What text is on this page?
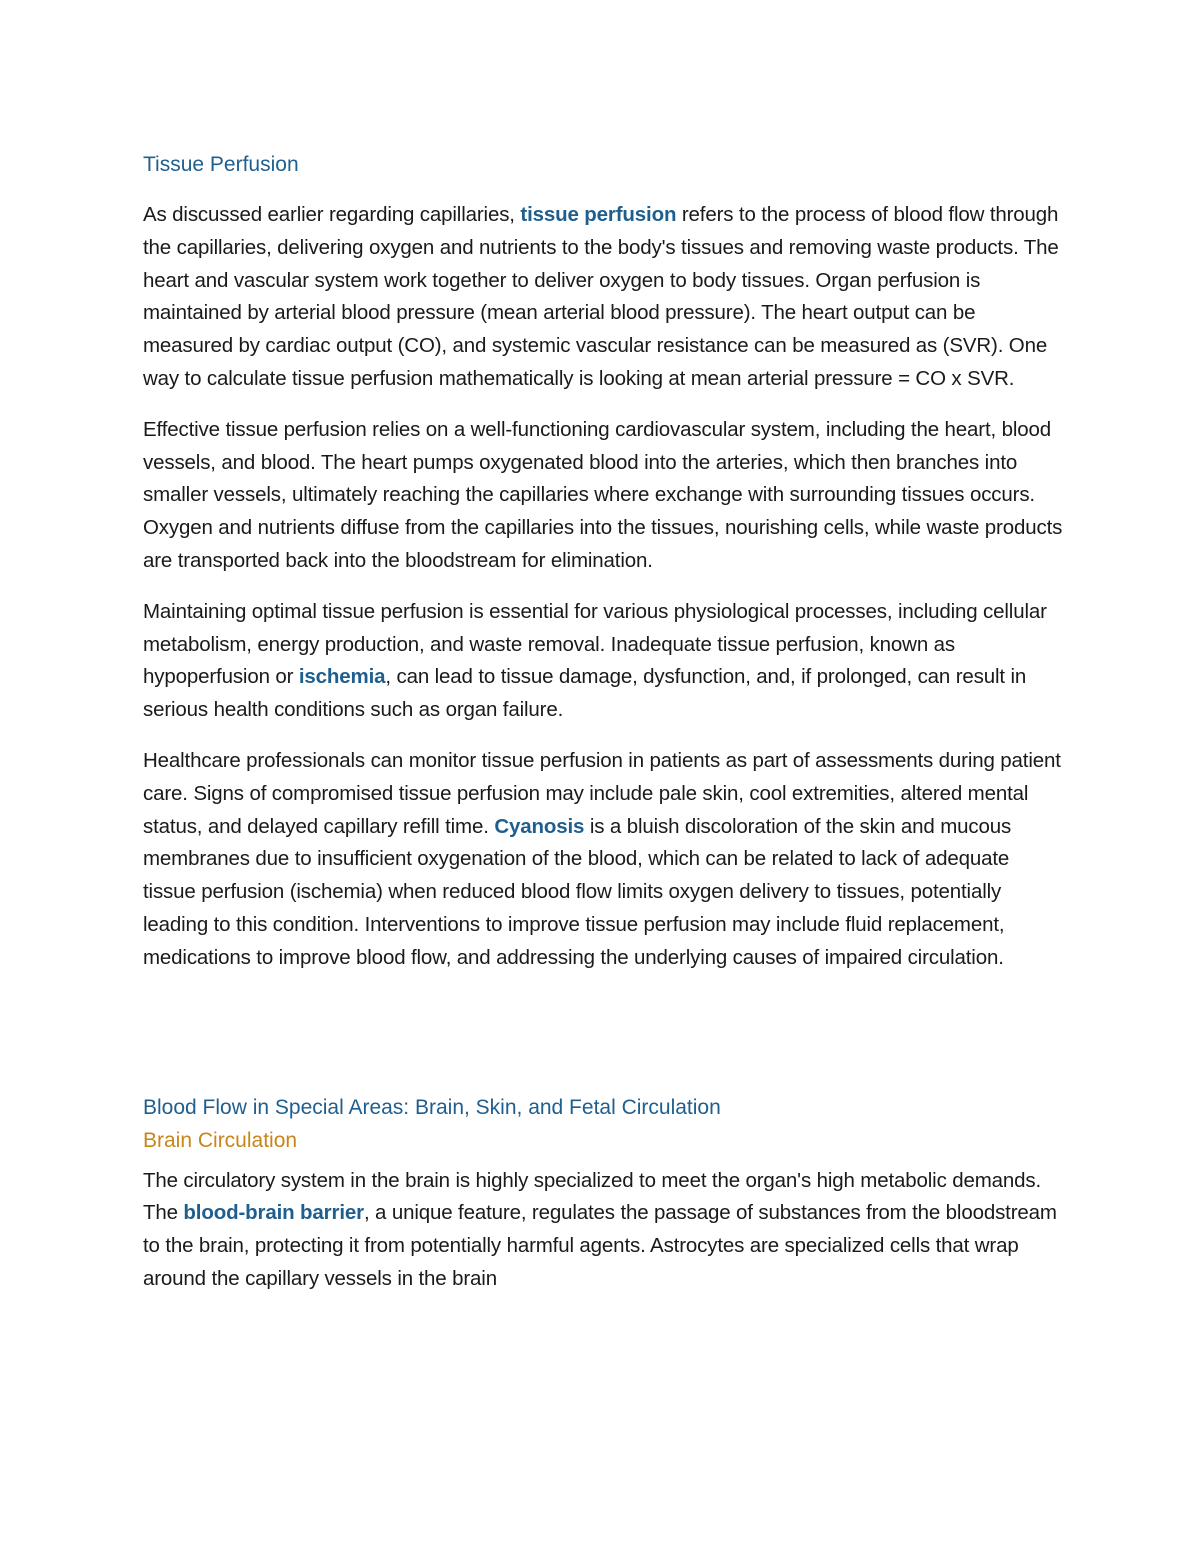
Tissue Perfusion

As discussed earlier regarding capillaries, tissue perfusion refers to the process of blood flow through the capillaries, delivering oxygen and nutrients to the body's tissues and removing waste products. The heart and vascular system work together to deliver oxygen to body tissues. Organ perfusion is maintained by arterial blood pressure (mean arterial blood pressure). The heart output can be measured by cardiac output (CO), and systemic vascular resistance can be measured as (SVR). One way to calculate tissue perfusion mathematically is looking at mean arterial pressure = CO x SVR.

Effective tissue perfusion relies on a well-functioning cardiovascular system, including the heart, blood vessels, and blood. The heart pumps oxygenated blood into the arteries, which then branches into smaller vessels, ultimately reaching the capillaries where exchange with surrounding tissues occurs. Oxygen and nutrients diffuse from the capillaries into the tissues, nourishing cells, while waste products are transported back into the bloodstream for elimination.

Maintaining optimal tissue perfusion is essential for various physiological processes, including cellular metabolism, energy production, and waste removal. Inadequate tissue perfusion, known as hypoperfusion or ischemia, can lead to tissue damage, dysfunction, and, if prolonged, can result in serious health conditions such as organ failure.

Healthcare professionals can monitor tissue perfusion in patients as part of assessments during patient care. Signs of compromised tissue perfusion may include pale skin, cool extremities, altered mental status, and delayed capillary refill time. Cyanosis is a bluish discoloration of the skin and mucous membranes due to insufficient oxygenation of the blood, which can be related to lack of adequate tissue perfusion (ischemia) when reduced blood flow limits oxygen delivery to tissues, potentially leading to this condition. Interventions to improve tissue perfusion may include fluid replacement, medications to improve blood flow, and addressing the underlying causes of impaired circulation.

Blood Flow in Special Areas: Brain, Skin, and Fetal Circulation
Brain Circulation

The circulatory system in the brain is highly specialized to meet the organ's high metabolic demands. The blood-brain barrier, a unique feature, regulates the passage of substances from the bloodstream to the brain, protecting it from potentially harmful agents. Astrocytes are specialized cells that wrap around the capillary vessels in the brain
